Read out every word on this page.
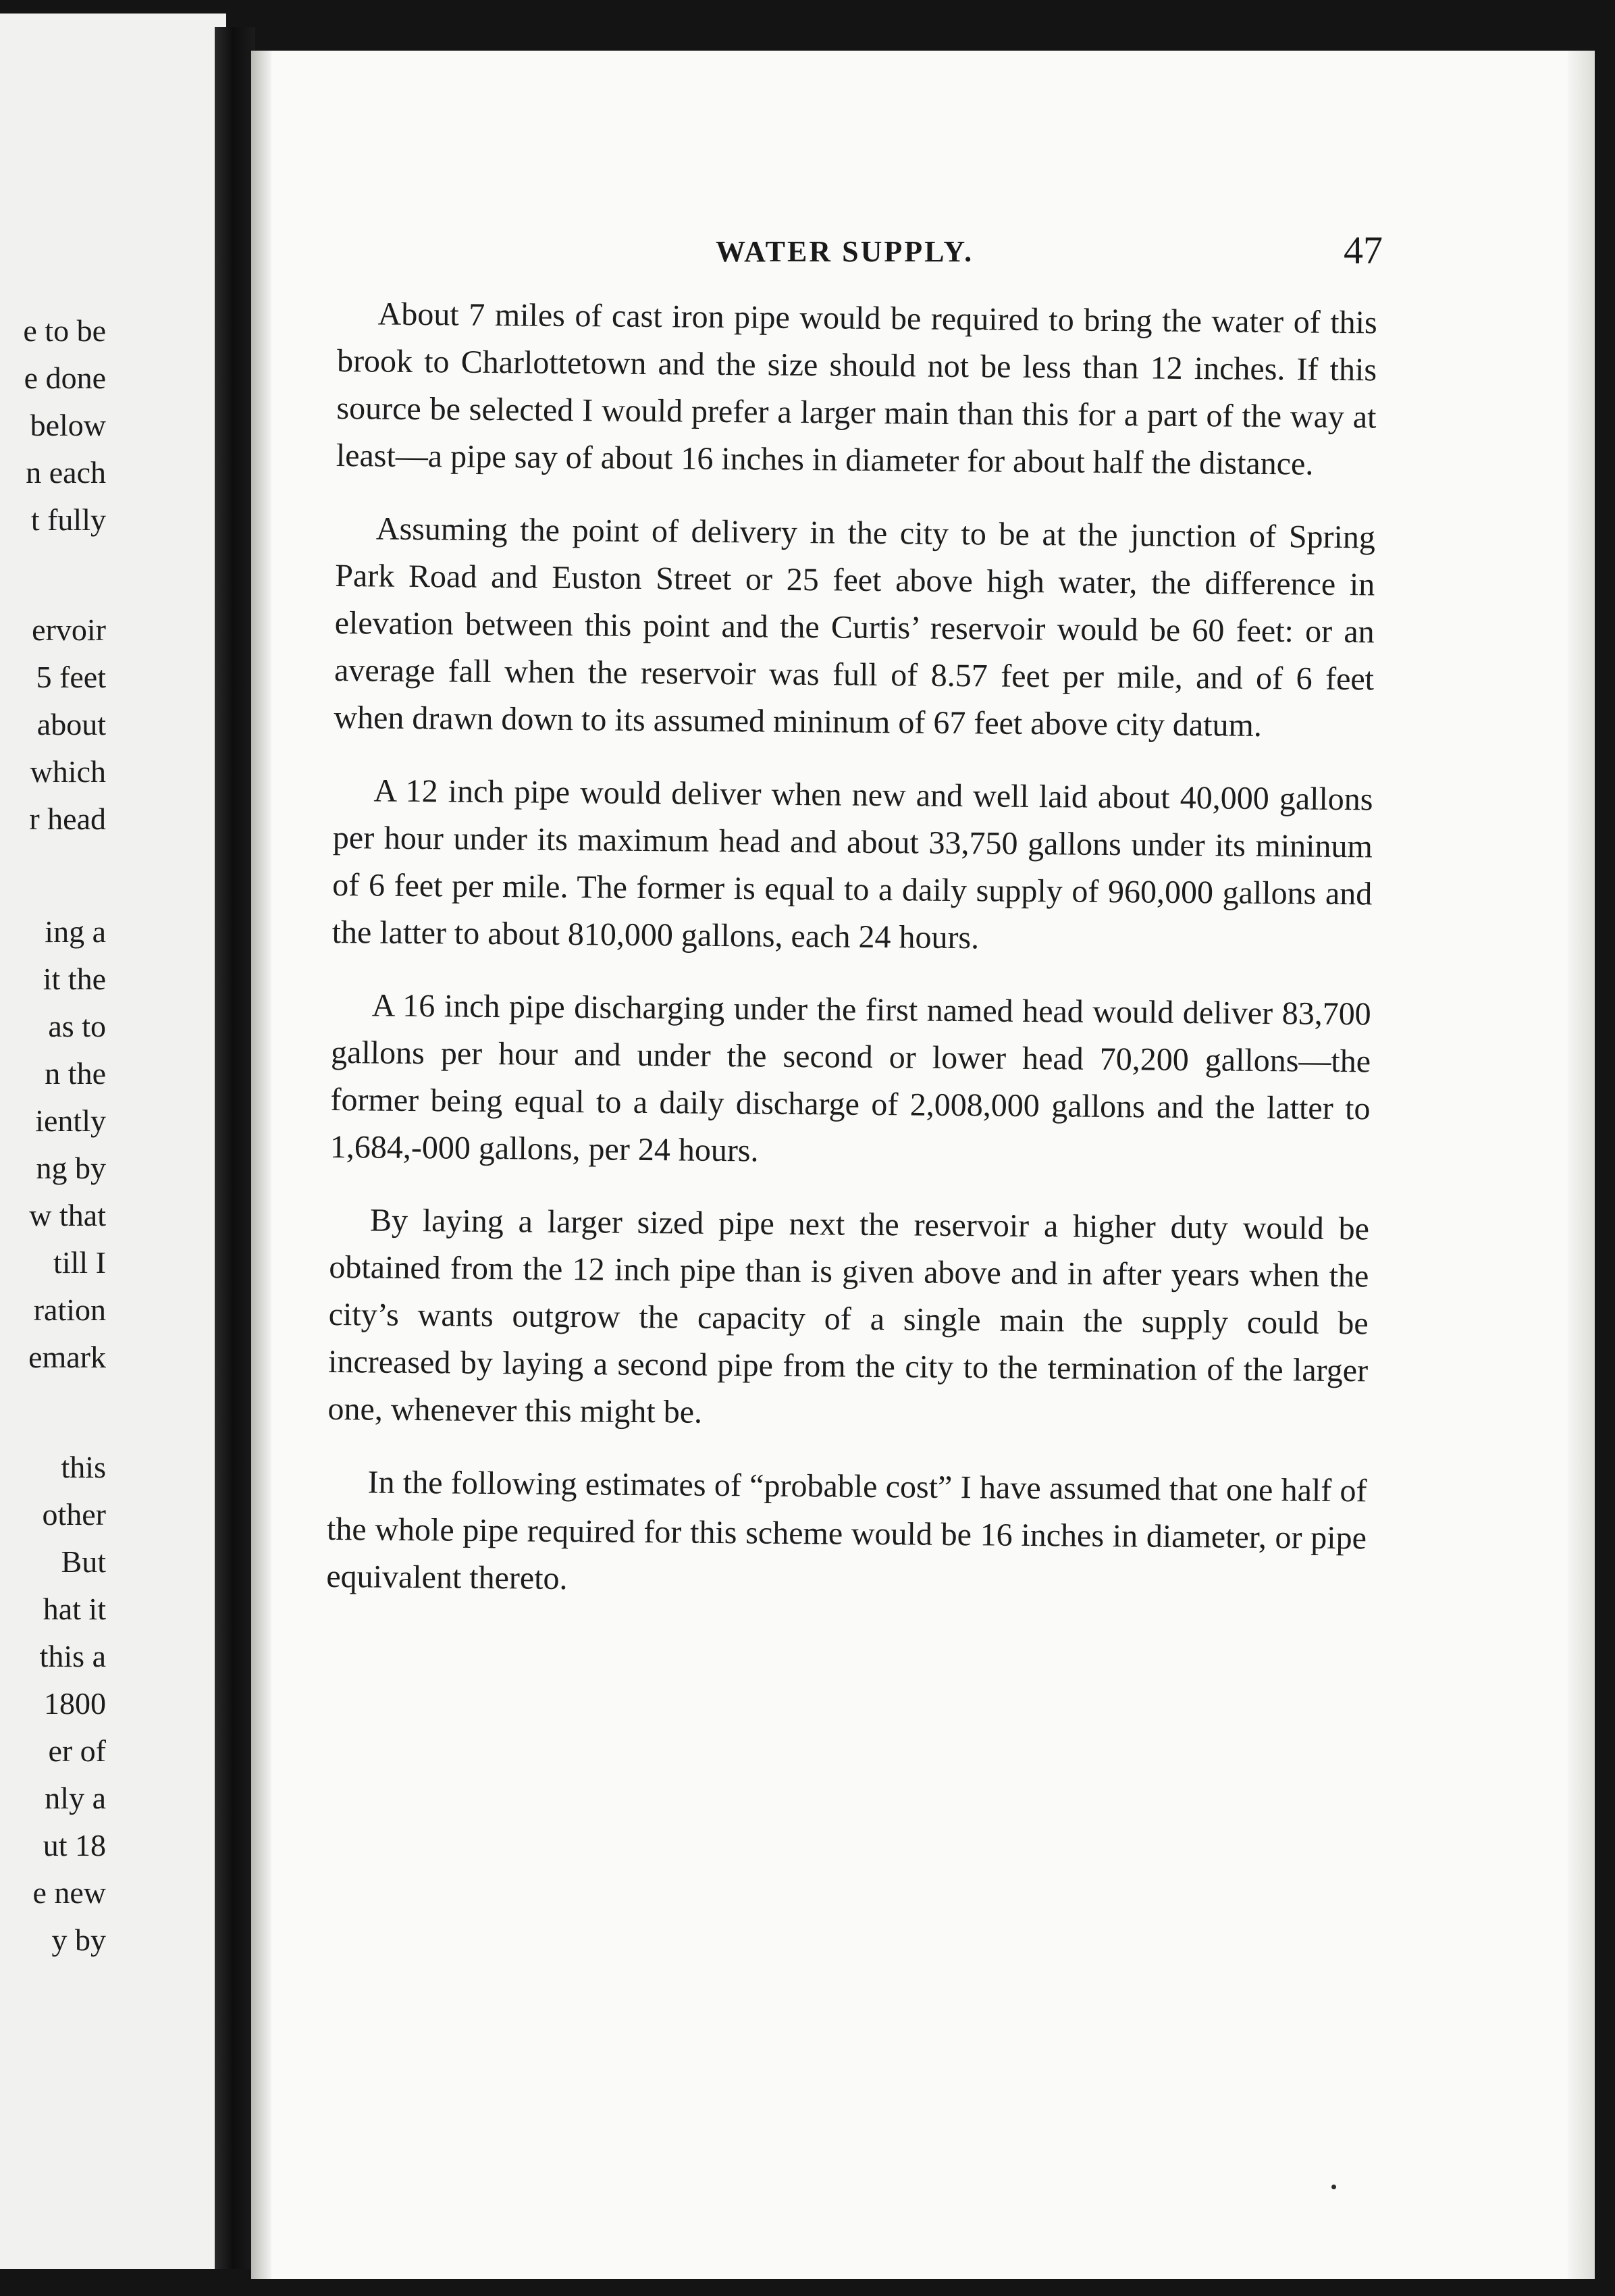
e to be
e done
below
n each
t fully
ervoir
5 feet
about
which
r head
ing a
it the
as to
n the
iently
ng by
w that
till I
ration
emark
this
other
But
hat it
this a
1800
er of
nly a
ut 18
e new
y by
WATER SUPPLY.	47

About 7 miles of cast iron pipe would be required to bring the water of this brook to Charlottetown and the size should not be less than 12 inches. If this source be selected I would prefer a larger main than this for a part of the way at least—a pipe say of about 16 inches in diameter for about half the distance.

Assuming the point of delivery in the city to be at the junction of Spring Park Road and Euston Street or 25 feet above high water, the difference in elevation between this point and the Curtis’ reservoir would be 60 feet: or an average fall when the reservoir was full of 8.57 feet per mile, and of 6 feet when drawn down to its assumed mininum of 67 feet above city datum.

A 12 inch pipe would deliver when new and well laid about 40,000 gallons per hour under its maximum head and about 33,750 gallons under its mininum of 6 feet per mile. The former is equal to a daily supply of 960,000 gallons and the latter to about 810,000 gallons, each 24 hours.

A 16 inch pipe discharging under the first named head would deliver 83,700 gallons per hour and under the second or lower head 70,200 gallons—the former being equal to a daily discharge of 2,008,000 gallons and the latter to 1,684,-000 gallons, per 24 hours.

By laying a larger sized pipe next the reservoir a higher duty would be obtained from the 12 inch pipe than is given above and in after years when the city’s wants outgrow the capacity of a single main the supply could be increased by laying a second pipe from the city to the termination of the larger one, whenever this might be.

In the following estimates of “probable cost” I have assumed that one half of the whole pipe required for this scheme would be 16 inches in diameter, or pipe equivalent thereto.
